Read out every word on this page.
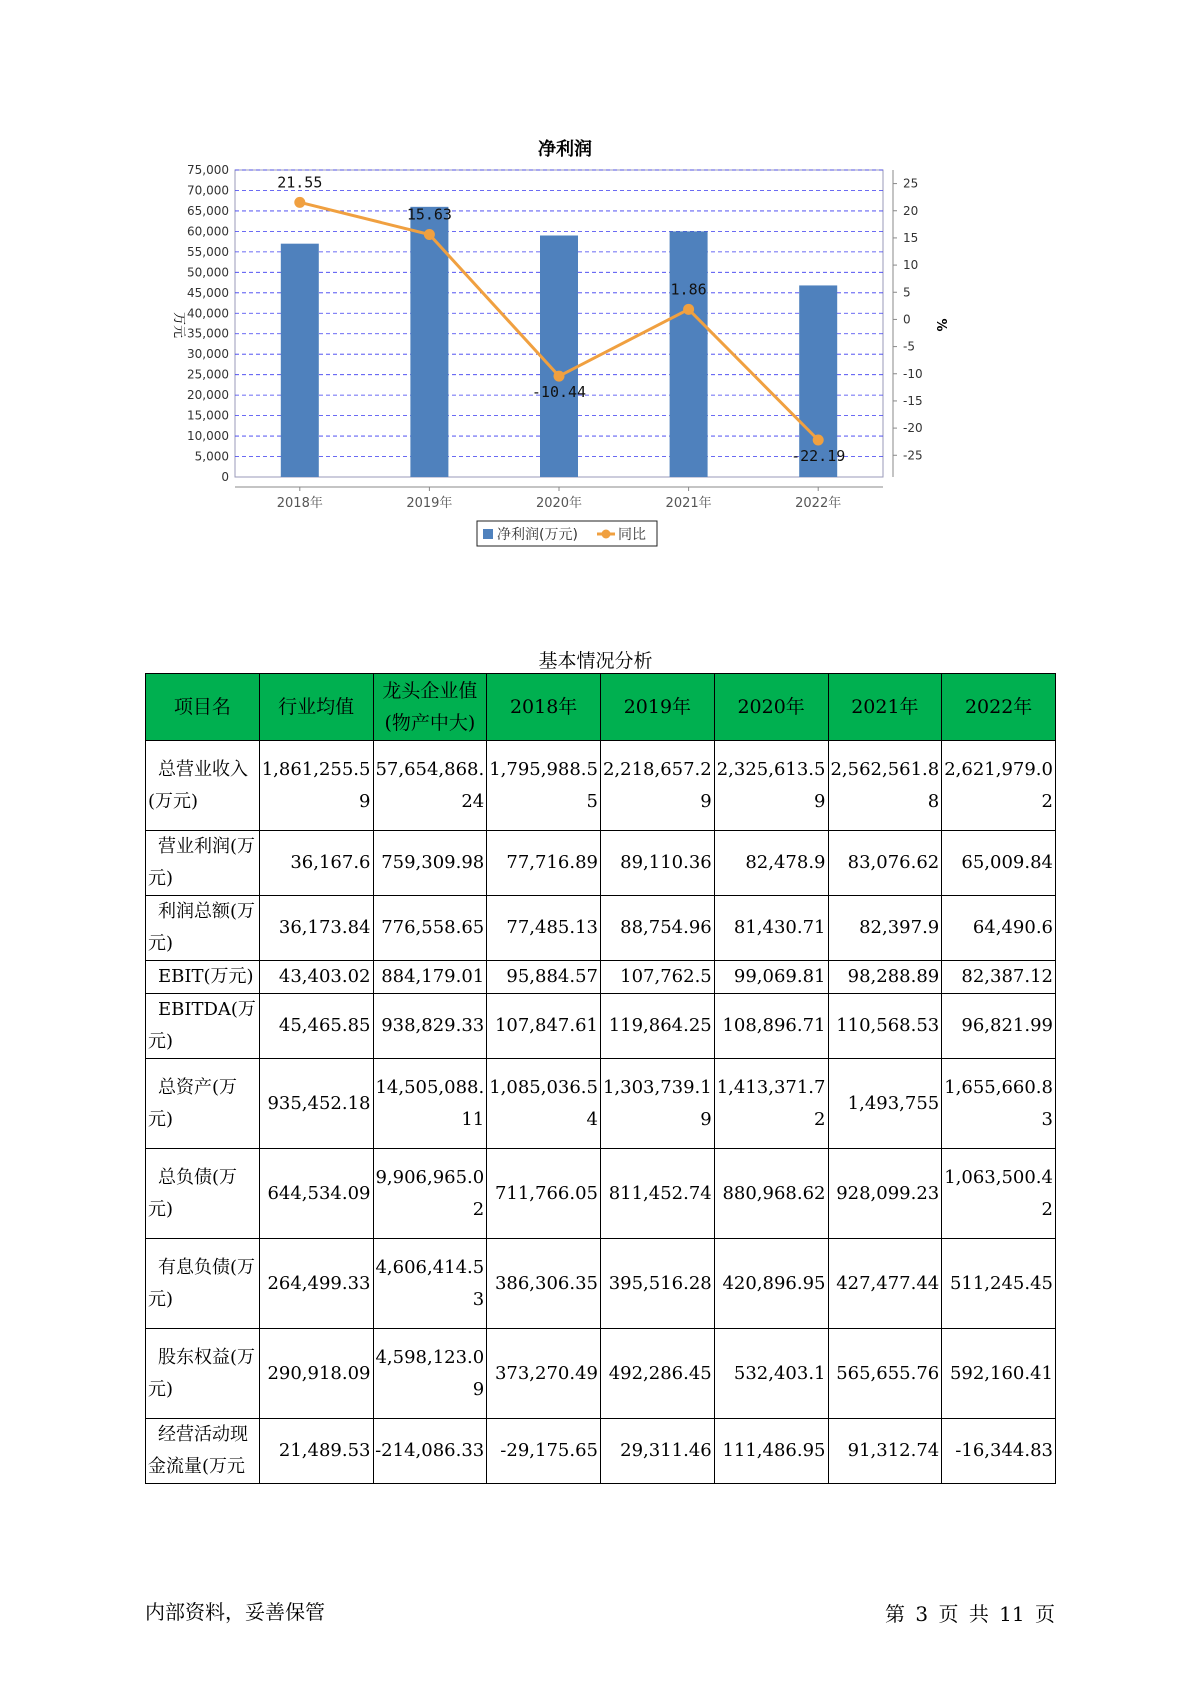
净利润
0
5,000
10,000
15,000
20,000
25,000
30,000
35,000
40,000
45,000
50,000
55,000
60,000
65,000
70,000
75,000
25
20
15
10
5
0
-5
-10
-15
-20
-25
万元	%
2018年	2019年	2020年	2021年	2022年
21.55
15.63
-10.44
1.86
-22.19
净利润(万元)	同比
基本情况分析
项目名	行业均值	龙头企业值(物产中大)	2018年	2019年	2020年	2021年	2022年
总营业收入(万元)	1,861,255.59	57,654,868.24	1,795,988.55	2,218,657.29	2,325,613.59	2,562,561.88	2,621,979.02
营业利润(万元)	36,167.6	759,309.98	77,716.89	89,110.36	82,478.9	83,076.62	65,009.84
利润总额(万元)	36,173.84	776,558.65	77,485.13	88,754.96	81,430.71	82,397.9	64,490.6
EBIT(万元)	43,403.02	884,179.01	95,884.57	107,762.5	99,069.81	98,288.89	82,387.12
EBITDA(万元)	45,465.85	938,829.33	107,847.61	119,864.25	108,896.71	110,568.53	96,821.99
总资产(万元)	935,452.18	14,505,088.11	1,085,036.54	1,303,739.19	1,413,371.72	1,493,755	1,655,660.83
总负债(万元)	644,534.09	9,906,965.02	711,766.05	811,452.74	880,968.62	928,099.23	1,063,500.42
有息负债(万元)	264,499.33	4,606,414.53	386,306.35	395,516.28	420,896.95	427,477.44	511,245.45
股东权益(万元)	290,918.09	4,598,123.09	373,270.49	492,286.45	532,403.1	565,655.76	592,160.41
经营活动现金流量(万元	21,489.53	-214,086.33	-29,175.65	29,311.46	111,486.95	91,312.74	-16,344.83
内部资料，妥善保管	第 3 页 共 11 页
